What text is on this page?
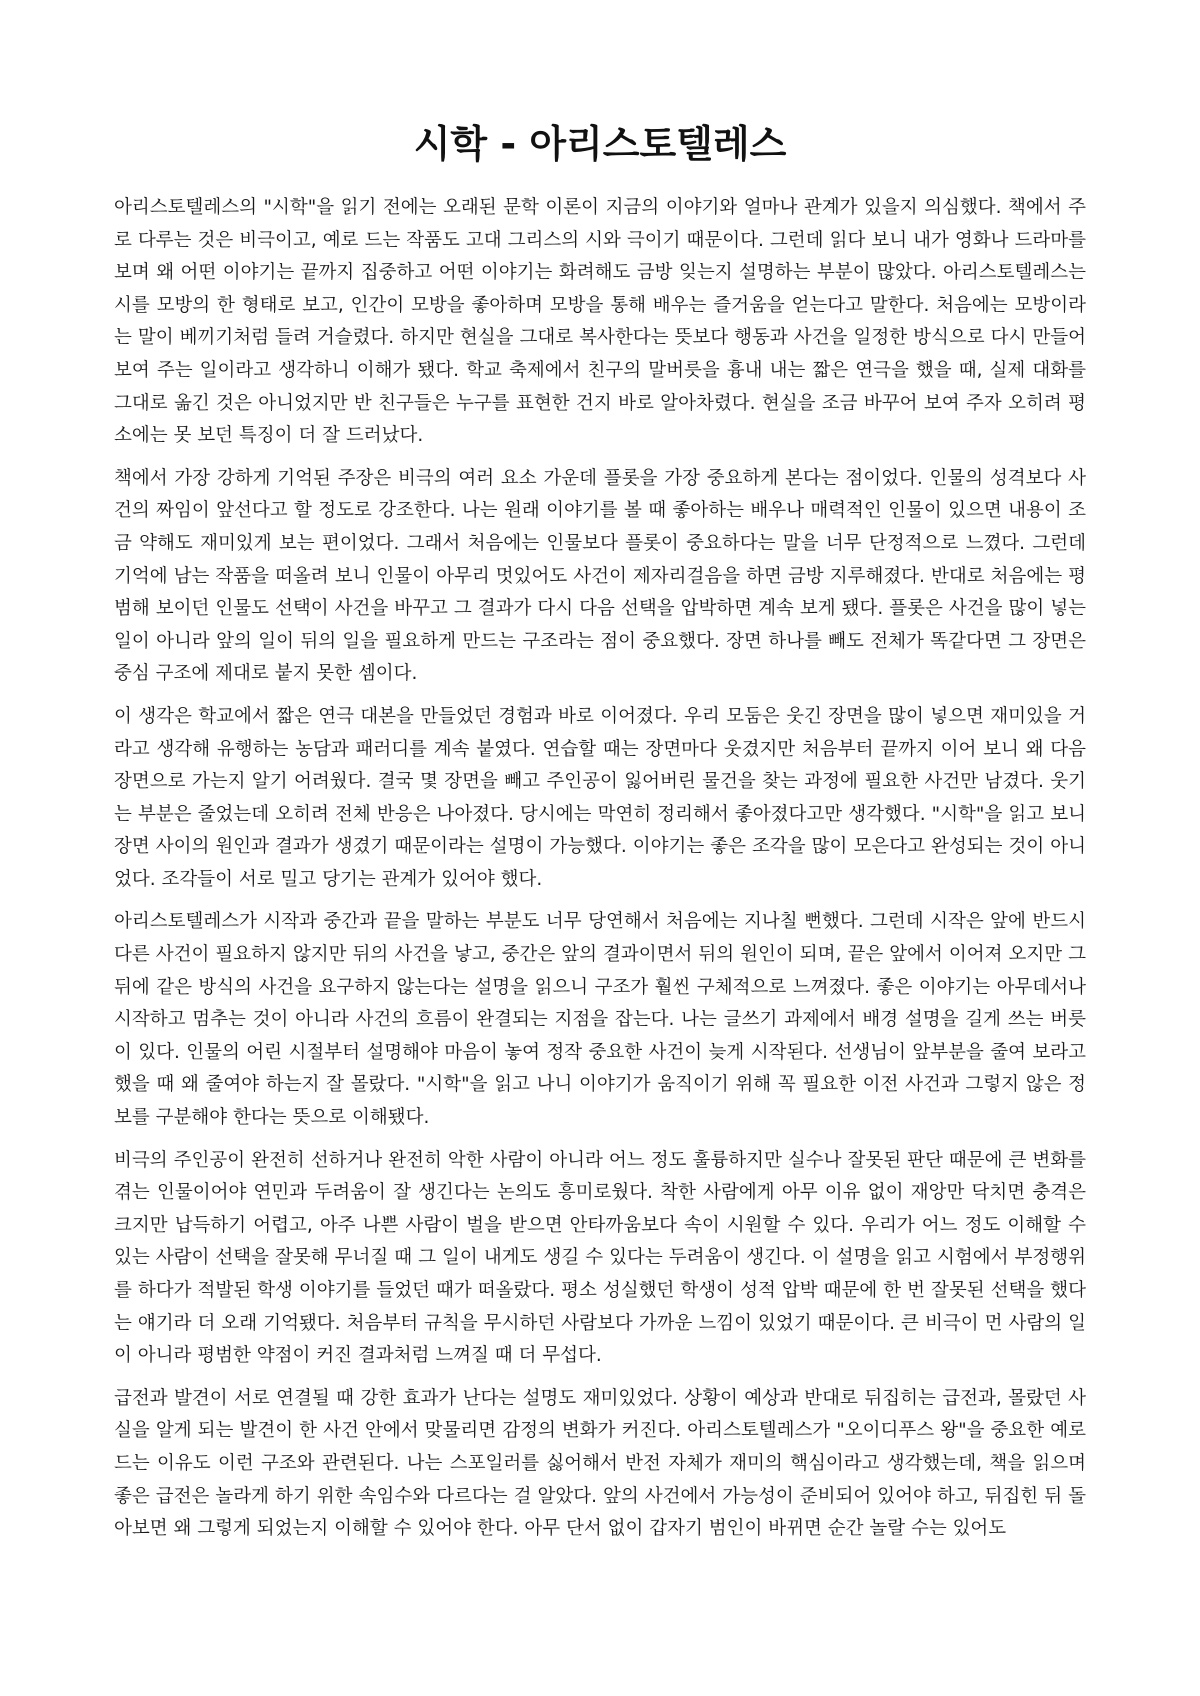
시학 - 아리스토텔레스

아리스토텔레스의 "시학"을 읽기 전에는 오래된 문학 이론이 지금의 이야기와 얼마나 관계가 있을지 의심했다. 책에서 주로 다루는 것은 비극이고, 예로 드는 작품도 고대 그리스의 시와 극이기 때문이다. 그런데 읽다 보니 내가 영화나 드라마를 보며 왜 어떤 이야기는 끝까지 집중하고 어떤 이야기는 화려해도 금방 잊는지 설명하는 부분이 많았다. 아리스토텔레스는 시를 모방의 한 형태로 보고, 인간이 모방을 좋아하며 모방을 통해 배우는 즐거움을 얻는다고 말한다. 처음에는 모방이라는 말이 베끼기처럼 들려 거슬렸다. 하지만 현실을 그대로 복사한다는 뜻보다 행동과 사건을 일정한 방식으로 다시 만들어 보여 주는 일이라고 생각하니 이해가 됐다. 학교 축제에서 친구의 말버릇을 흉내 내는 짧은 연극을 했을 때, 실제 대화를 그대로 옮긴 것은 아니었지만 반 친구들은 누구를 표현한 건지 바로 알아차렸다. 현실을 조금 바꾸어 보여 주자 오히려 평소에는 못 보던 특징이 더 잘 드러났다.

책에서 가장 강하게 기억된 주장은 비극의 여러 요소 가운데 플롯을 가장 중요하게 본다는 점이었다. 인물의 성격보다 사건의 짜임이 앞선다고 할 정도로 강조한다. 나는 원래 이야기를 볼 때 좋아하는 배우나 매력적인 인물이 있으면 내용이 조금 약해도 재미있게 보는 편이었다. 그래서 처음에는 인물보다 플롯이 중요하다는 말을 너무 단정적으로 느꼈다. 그런데 기억에 남는 작품을 떠올려 보니 인물이 아무리 멋있어도 사건이 제자리걸음을 하면 금방 지루해졌다. 반대로 처음에는 평범해 보이던 인물도 선택이 사건을 바꾸고 그 결과가 다시 다음 선택을 압박하면 계속 보게 됐다. 플롯은 사건을 많이 넣는 일이 아니라 앞의 일이 뒤의 일을 필요하게 만드는 구조라는 점이 중요했다. 장면 하나를 빼도 전체가 똑같다면 그 장면은 중심 구조에 제대로 붙지 못한 셈이다.

이 생각은 학교에서 짧은 연극 대본을 만들었던 경험과 바로 이어졌다. 우리 모둠은 웃긴 장면을 많이 넣으면 재미있을 거라고 생각해 유행하는 농담과 패러디를 계속 붙였다. 연습할 때는 장면마다 웃겼지만 처음부터 끝까지 이어 보니 왜 다음 장면으로 가는지 알기 어려웠다. 결국 몇 장면을 빼고 주인공이 잃어버린 물건을 찾는 과정에 필요한 사건만 남겼다. 웃기는 부분은 줄었는데 오히려 전체 반응은 나아졌다. 당시에는 막연히 정리해서 좋아졌다고만 생각했다. "시학"을 읽고 보니 장면 사이의 원인과 결과가 생겼기 때문이라는 설명이 가능했다. 이야기는 좋은 조각을 많이 모은다고 완성되는 것이 아니었다. 조각들이 서로 밀고 당기는 관계가 있어야 했다.

아리스토텔레스가 시작과 중간과 끝을 말하는 부분도 너무 당연해서 처음에는 지나칠 뻔했다. 그런데 시작은 앞에 반드시 다른 사건이 필요하지 않지만 뒤의 사건을 낳고, 중간은 앞의 결과이면서 뒤의 원인이 되며, 끝은 앞에서 이어져 오지만 그 뒤에 같은 방식의 사건을 요구하지 않는다는 설명을 읽으니 구조가 훨씬 구체적으로 느껴졌다. 좋은 이야기는 아무데서나 시작하고 멈추는 것이 아니라 사건의 흐름이 완결되는 지점을 잡는다. 나는 글쓰기 과제에서 배경 설명을 길게 쓰는 버릇이 있다. 인물의 어린 시절부터 설명해야 마음이 놓여 정작 중요한 사건이 늦게 시작된다. 선생님이 앞부분을 줄여 보라고 했을 때 왜 줄여야 하는지 잘 몰랐다. "시학"을 읽고 나니 이야기가 움직이기 위해 꼭 필요한 이전 사건과 그렇지 않은 정보를 구분해야 한다는 뜻으로 이해됐다.

비극의 주인공이 완전히 선하거나 완전히 악한 사람이 아니라 어느 정도 훌륭하지만 실수나 잘못된 판단 때문에 큰 변화를 겪는 인물이어야 연민과 두려움이 잘 생긴다는 논의도 흥미로웠다. 착한 사람에게 아무 이유 없이 재앙만 닥치면 충격은 크지만 납득하기 어렵고, 아주 나쁜 사람이 벌을 받으면 안타까움보다 속이 시원할 수 있다. 우리가 어느 정도 이해할 수 있는 사람이 선택을 잘못해 무너질 때 그 일이 내게도 생길 수 있다는 두려움이 생긴다. 이 설명을 읽고 시험에서 부정행위를 하다가 적발된 학생 이야기를 들었던 때가 떠올랐다. 평소 성실했던 학생이 성적 압박 때문에 한 번 잘못된 선택을 했다는 얘기라 더 오래 기억됐다. 처음부터 규칙을 무시하던 사람보다 가까운 느낌이 있었기 때문이다. 큰 비극이 먼 사람의 일이 아니라 평범한 약점이 커진 결과처럼 느껴질 때 더 무섭다.

급전과 발견이 서로 연결될 때 강한 효과가 난다는 설명도 재미있었다. 상황이 예상과 반대로 뒤집히는 급전과, 몰랐던 사실을 알게 되는 발견이 한 사건 안에서 맞물리면 감정의 변화가 커진다. 아리스토텔레스가 "오이디푸스 왕"을 중요한 예로 드는 이유도 이런 구조와 관련된다. 나는 스포일러를 싫어해서 반전 자체가 재미의 핵심이라고 생각했는데, 책을 읽으며 좋은 급전은 놀라게 하기 위한 속임수와 다르다는 걸 알았다. 앞의 사건에서 가능성이 준비되어 있어야 하고, 뒤집힌 뒤 돌아보면 왜 그렇게 되었는지 이해할 수 있어야 한다. 아무 단서 없이 갑자기 범인이 바뀌면 순간 놀랄 수는 있어도
